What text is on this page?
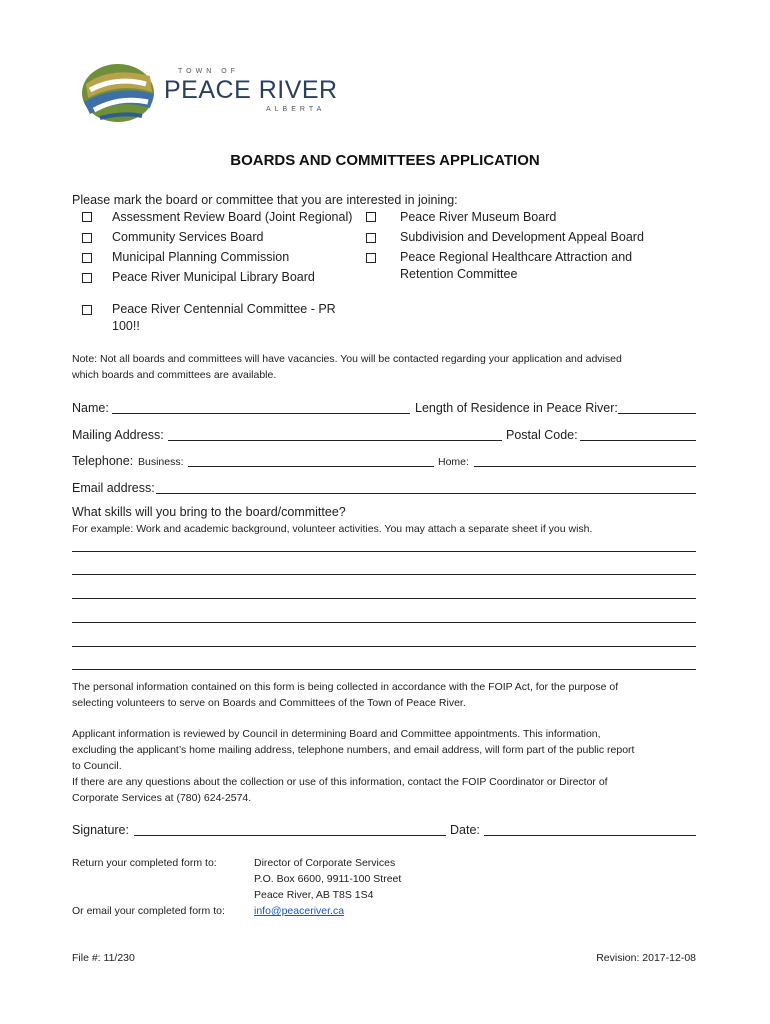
TOWN OF
PEACE RIVER
ALBERTA
BOARDS AND COMMITTEES APPLICATION
Please mark the board or committee that you are interested in joining:
Assessment Review Board (Joint Regional)
Community Services Board
Municipal Planning Commission
Peace River Municipal Library Board
Peace River Museum Board
Subdivision and Development Appeal Board
Peace Regional Healthcare Attraction and
Retention Committee
Peace River Centennial Committee - PR
100!!
Note: Not all boards and committees will have vacancies. You will be contacted regarding your application and advised
which boards and committees are available.
Name:	Length of Residence in Peace River:
Mailing Address:	Postal Code:
Telephone: Business:	Home:
Email address:
What skills will you bring to the board/committee?
For example: Work and academic background, volunteer activities. You may attach a separate sheet if you wish.
The personal information contained on this form is being collected in accordance with the FOIP Act, for the purpose of
selecting volunteers to serve on Boards and Committees of the Town of Peace River.
Applicant information is reviewed by Council in determining Board and Committee appointments. This information,
excluding the applicant’s home mailing address, telephone numbers, and email address, will form part of the public report
to Council.
If there are any questions about the collection or use of this information, contact the FOIP Coordinator or Director of
Corporate Services at (780) 624-2574.
Signature:	Date:
Return your completed form to:	Director of Corporate Services
P.O. Box 6600, 9911-100 Street
Peace River, AB T8S 1S4
Or email your completed form to:	info@peaceriver.ca
File #: 11/230	Revision: 2017-12-08
